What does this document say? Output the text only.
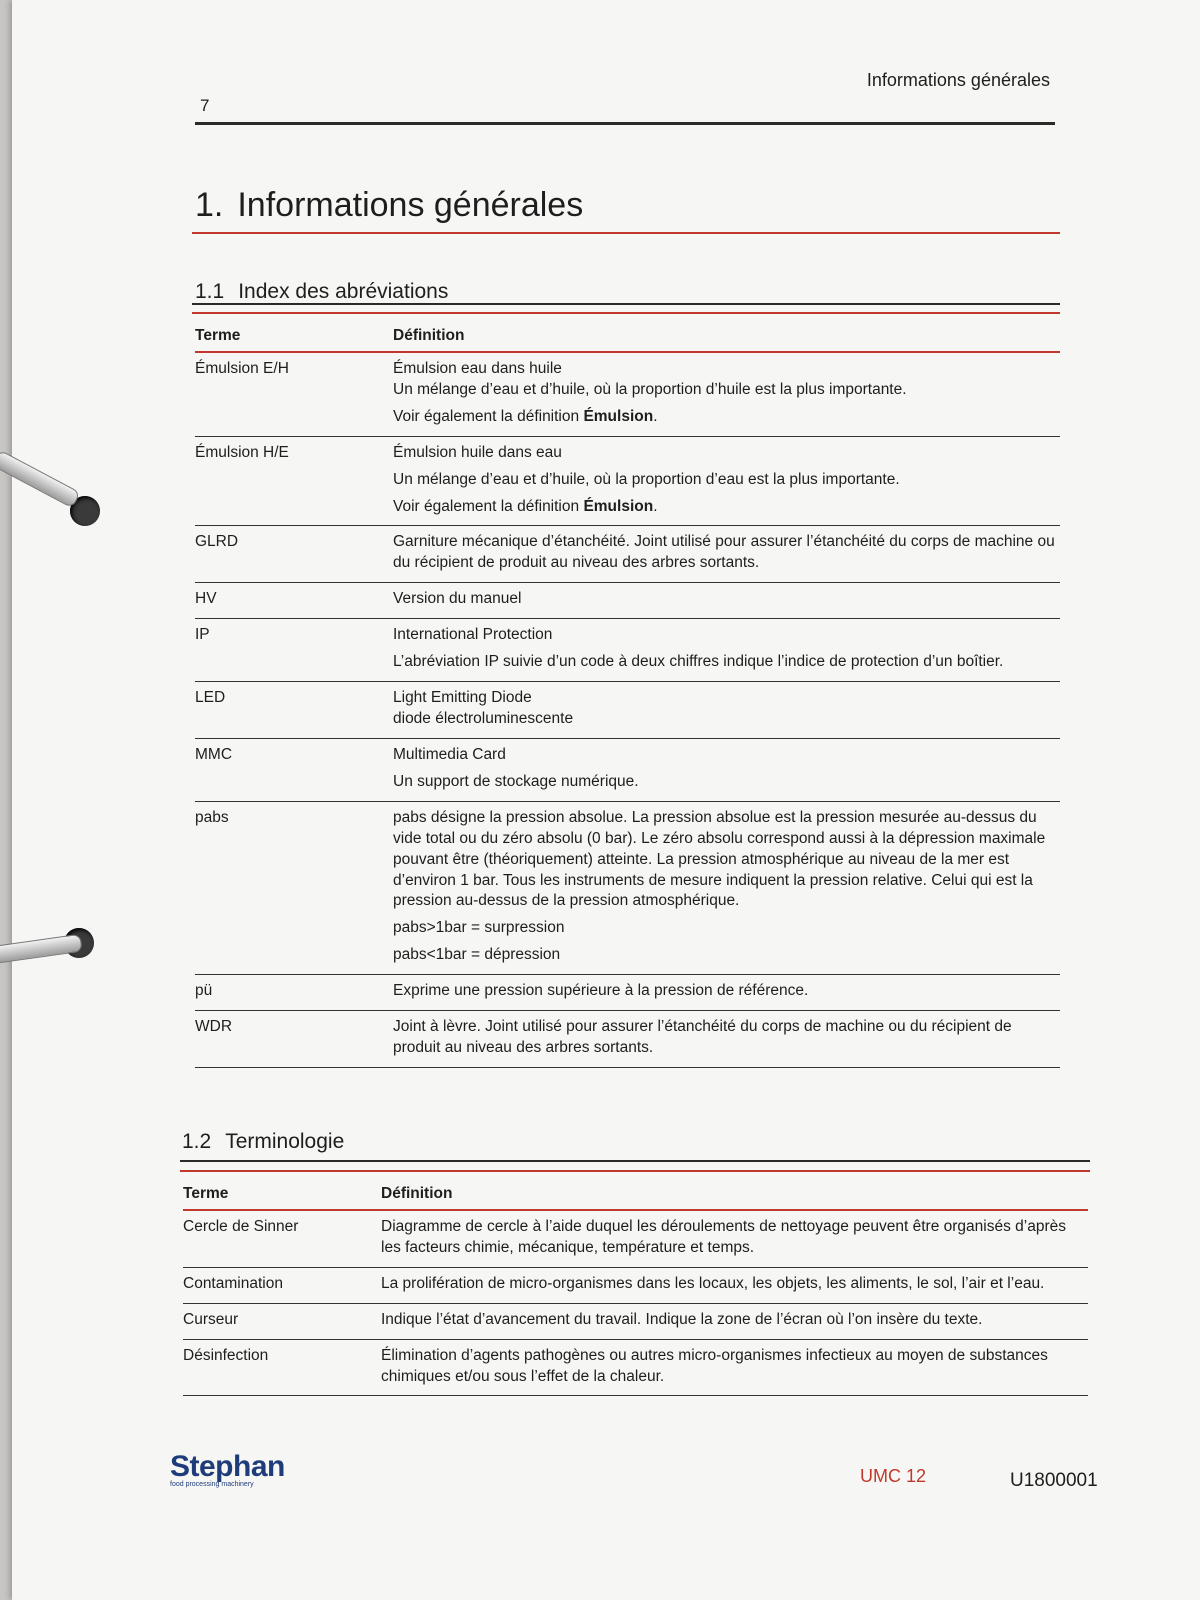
7
Informations générales
1. Informations générales
1.1 Index des abréviations
Terme	Définition
Émulsion E/H	Émulsion eau dans huile
Un mélange d’eau et d’huile, où la proportion d’huile est la plus importante.

Voir également la définition Émulsion.

Émulsion H/E	Émulsion huile dans eau

Un mélange d’eau et d’huile, où la proportion d’eau est la plus importante.

Voir également la définition Émulsion.

GLRD	Garniture mécanique d’étanchéité. Joint utilisé pour assurer l’étanchéité du corps de machine ou du récipient de produit au niveau des arbres sortants.

HV	Version du manuel

IP	International Protection

L’abréviation IP suivie d’un code à deux chiffres indique l’indice de protection d’un boîtier.

LED	Light Emitting Diode
diode électroluminescente

MMC	Multimedia Card

Un support de stockage numérique.

pabs	pabs désigne la pression absolue. La pression absolue est la pression mesurée au-dessus du vide total ou du zéro absolu (0 bar). Le zéro absolu correspond aussi à la dépression maximale pouvant être (théoriquement) atteinte. La pression atmosphérique au niveau de la mer est d’environ 1 bar. Tous les instruments de mesure indiquent la pression relative. Celui qui est la pression au-dessus de la pression atmosphérique.

pabs>1bar = surpression

pabs<1bar = dépression

pü	Exprime une pression supérieure à la pression de référence.

WDR	Joint à lèvre. Joint utilisé pour assurer l’étanchéité du corps de machine ou du récipient de produit au niveau des arbres sortants.

1.2 Terminologie
Terme	Définition
Cercle de Sinner	Diagramme de cercle à l’aide duquel les déroulements de nettoyage peuvent être organisés d’après les facteurs chimie, mécanique, température et temps.

Contamination	La prolifération de micro-organismes dans les locaux, les objets, les aliments, le sol, l’air et l’eau.

Curseur	Indique l’état d’avancement du travail. Indique la zone de l’écran où l’on insère du texte.

Désinfection	Élimination d’agents pathogènes ou autres micro-organismes infectieux au moyen de substances chimiques et/ou sous l’effet de la chaleur.

Stephan
food processing machinery	UMC 12	U1800001
